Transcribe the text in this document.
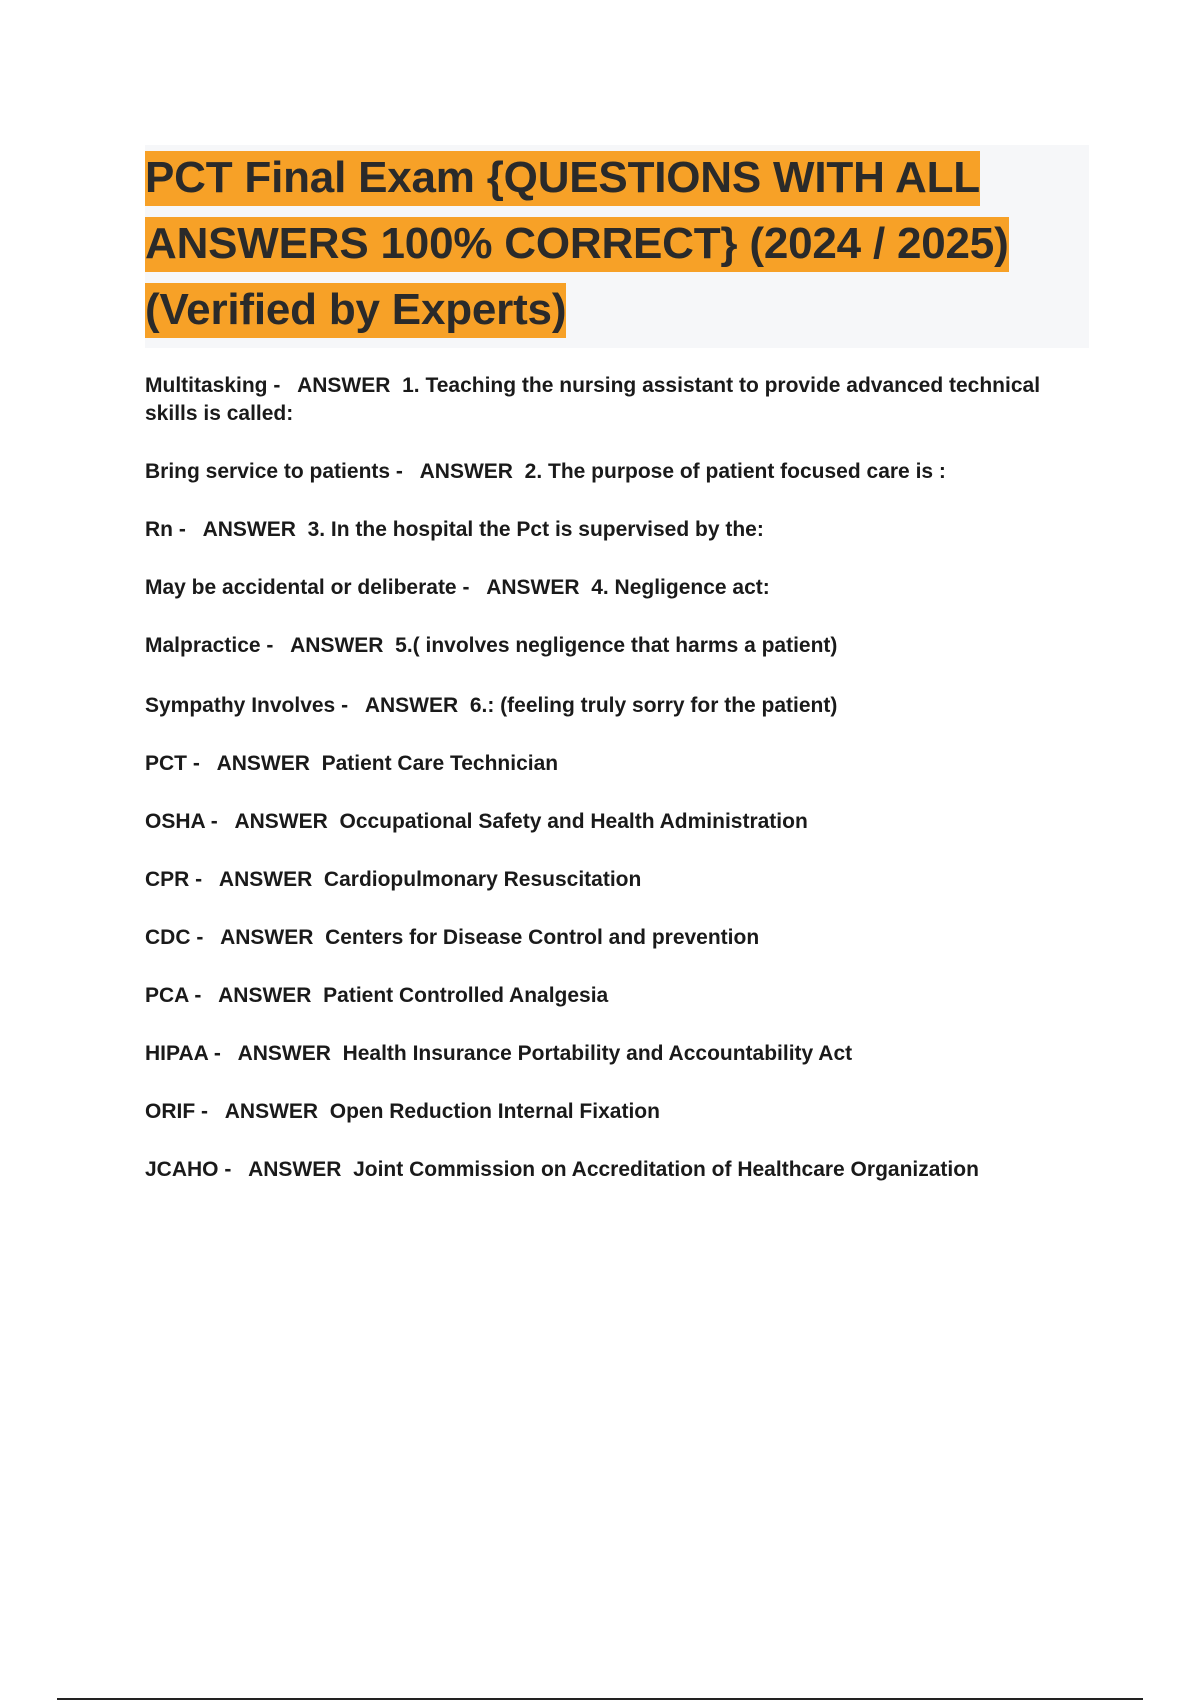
PCT Final Exam {QUESTIONS WITH ALL ANSWERS 100% CORRECT} (2024 / 2025) (Verified by Experts)
Multitasking -   ANSWER 1. Teaching the nursing assistant to provide advanced technical skills is called:
Bring service to patients -   ANSWER 2. The purpose of patient focused care is :
Rn -   ANSWER 3. In the hospital the Pct is supervised by the:
May be accidental or deliberate -   ANSWER 4. Negligence act:
Malpractice -   ANSWER 5.( involves negligence that harms a patient)
Sympathy Involves -   ANSWER 6.: (feeling truly sorry for the patient)
PCT -   ANSWER Patient Care Technician
OSHA -   ANSWER Occupational Safety and Health Administration
CPR -   ANSWER Cardiopulmonary Resuscitation
CDC -   ANSWER Centers for Disease Control and prevention
PCA -   ANSWER Patient Controlled Analgesia
HIPAA -   ANSWER Health Insurance Portability and Accountability Act
ORIF -   ANSWER Open Reduction Internal Fixation
JCAHO -   ANSWER Joint Commission on Accreditation of Healthcare Organization
